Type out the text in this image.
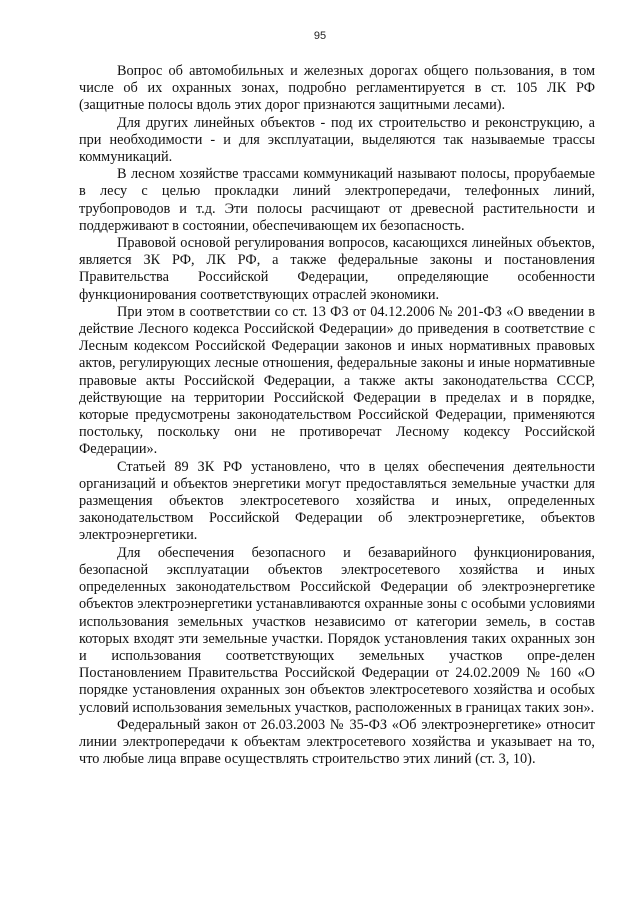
95

Вопрос об автомобильных и железных дорогах общего пользования, в том числе об их охранных зонах, подробно регламентируется в ст. 105 ЛК РФ (защитные полосы вдоль этих дорог признаются защитными лесами).

Для других линейных объектов - под их строительство и реконструкцию, а при необходимости - и для эксплуатации, выделяются так называемые трассы коммуникаций.

В лесном хозяйстве трассами коммуникаций называют полосы, прорубаемые в лесу с целью прокладки линий электропередачи, телефонных линий, трубопроводов и т.д. Эти полосы расчищают от древесной растительности и поддерживают в состоянии, обеспечивающем их безопасность.

Правовой основой регулирования вопросов, касающихся линейных объектов, является ЗК РФ, ЛК РФ, а также федеральные законы и постановления Правительства Российской Федерации, определяющие особенности функционирования соответствующих отраслей экономики.

При этом в соответствии со ст. 13 ФЗ от 04.12.2006 № 201-ФЗ «О введении в действие Лесного кодекса Российской Федерации» до приведения в соответствие с Лесным кодексом Российской Федерации законов и иных нормативных правовых актов, регулирующих лесные отношения, федеральные законы и иные нормативные правовые акты Российской Федерации, а также акты законодательства СССР, действующие на территории Российской Федерации в пределах и в порядке, которые предусмотрены законодательством Российской Федерации, применяются постольку, поскольку они не противоречат Лесному кодексу Российской Федерации».

Статьей 89 ЗК РФ установлено, что в целях обеспечения деятельности организаций и объектов энергетики могут предоставляться земельные участки для размещения объектов электросетевого хозяйства и иных, определенных законодательством Российской Федерации об электроэнергетике, объектов электроэнергетики.

Для обеспечения безопасного и безаварийного функционирования, безопасной эксплуатации объектов электросетевого хозяйства и иных определенных законодательством Российской Федерации об электроэнергетике объектов электроэнергетики устанавливаются охранные зоны с особыми условиями использования земельных участков независимо от категории земель, в состав которых входят эти земельные участки. Порядок установления таких охранных зон и использования соответствующих земельных участков опре-делен Постановлением Правительства Российской Федерации от 24.02.2009 № 160 «О порядке установления охранных зон объектов электросетевого хозяйства и особых условий использования земельных участков, расположенных в границах таких зон».

Федеральный закон от 26.03.2003 № 35-ФЗ «Об электроэнергетике» относит линии электропередачи к объектам электросетевого хозяйства и указывает на то, что любые лица вправе осуществлять строительство этих линий (ст. 3, 10).
